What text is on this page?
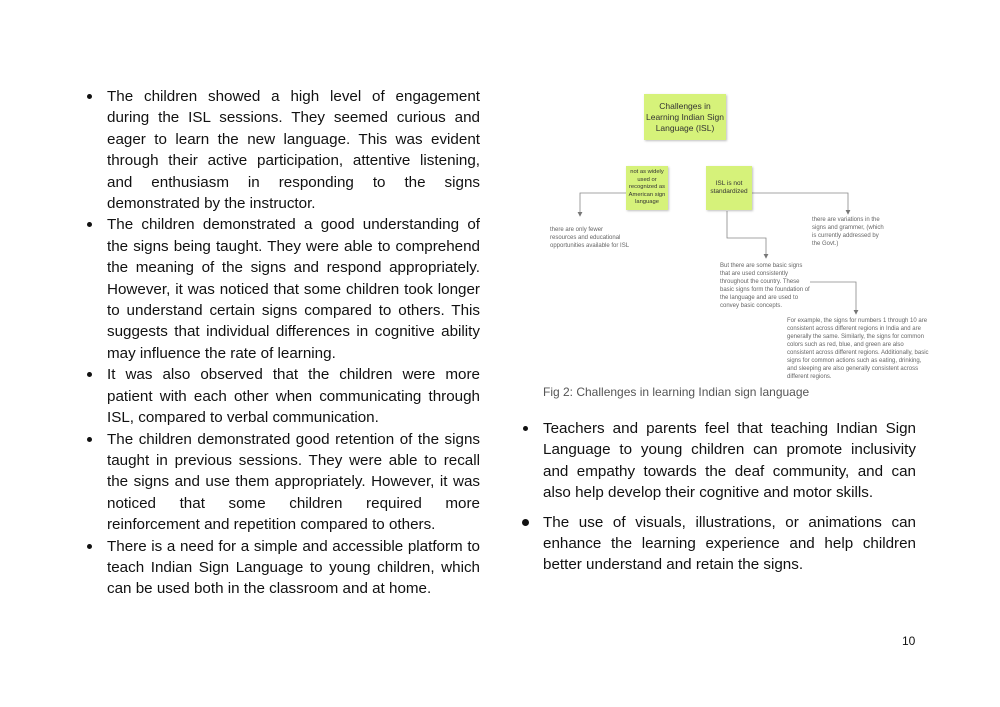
The children showed a high level of engagement during the ISL sessions. They seemed curious and eager to learn the new language. This was evident through their active participation, attentive listening, and enthusiasm in responding to the signs demonstrated by the instructor.
The children demonstrated a good understanding of the signs being taught. They were able to comprehend the meaning of the signs and respond appropriately. However, it was noticed that some children took longer to understand certain signs compared to others. This suggests that individual differences in cognitive ability may influence the rate of learning.
It was also observed that the children were more patient with each other when communicating through ISL, compared to verbal communication.
The children demonstrated good retention of the signs taught in previous sessions. They were able to recall the signs and use them appropriately. However, it was noticed that some children required more reinforcement and repetition compared to others.
There is a need for a simple and accessible platform to teach Indian Sign Language to young children, which can be used both in the classroom and at home.
Challenges in Learning Indian Sign Language (ISL)
not as widely used or recognized as American sign language
ISL is not standardized
there are only fewer resources and educational opportunities available for ISL
there are variations in the signs and grammer, (which is currently addressed by the Govt.)
But there are some basic signs that are used consistently throughout the country. These basic signs form the foundation of the language and are used to convey basic concepts.
For example, the signs for numbers 1 through 10 are consistent across different regions in India and are generally the same. Similarly, the signs for common colors such as red, blue, and green are also consistent across different regions. Additionally, basic signs for common actions such as eating, drinking, and sleeping are also generally consistent across different regions.
Fig 2: Challenges in learning Indian sign language
Teachers and parents feel that teaching Indian Sign Language to young children can promote inclusivity and empathy towards the deaf community, and can also help develop their cognitive and motor skills.
The use of visuals, illustrations, or animations can enhance the learning experience and help children better understand and retain the signs.
10
